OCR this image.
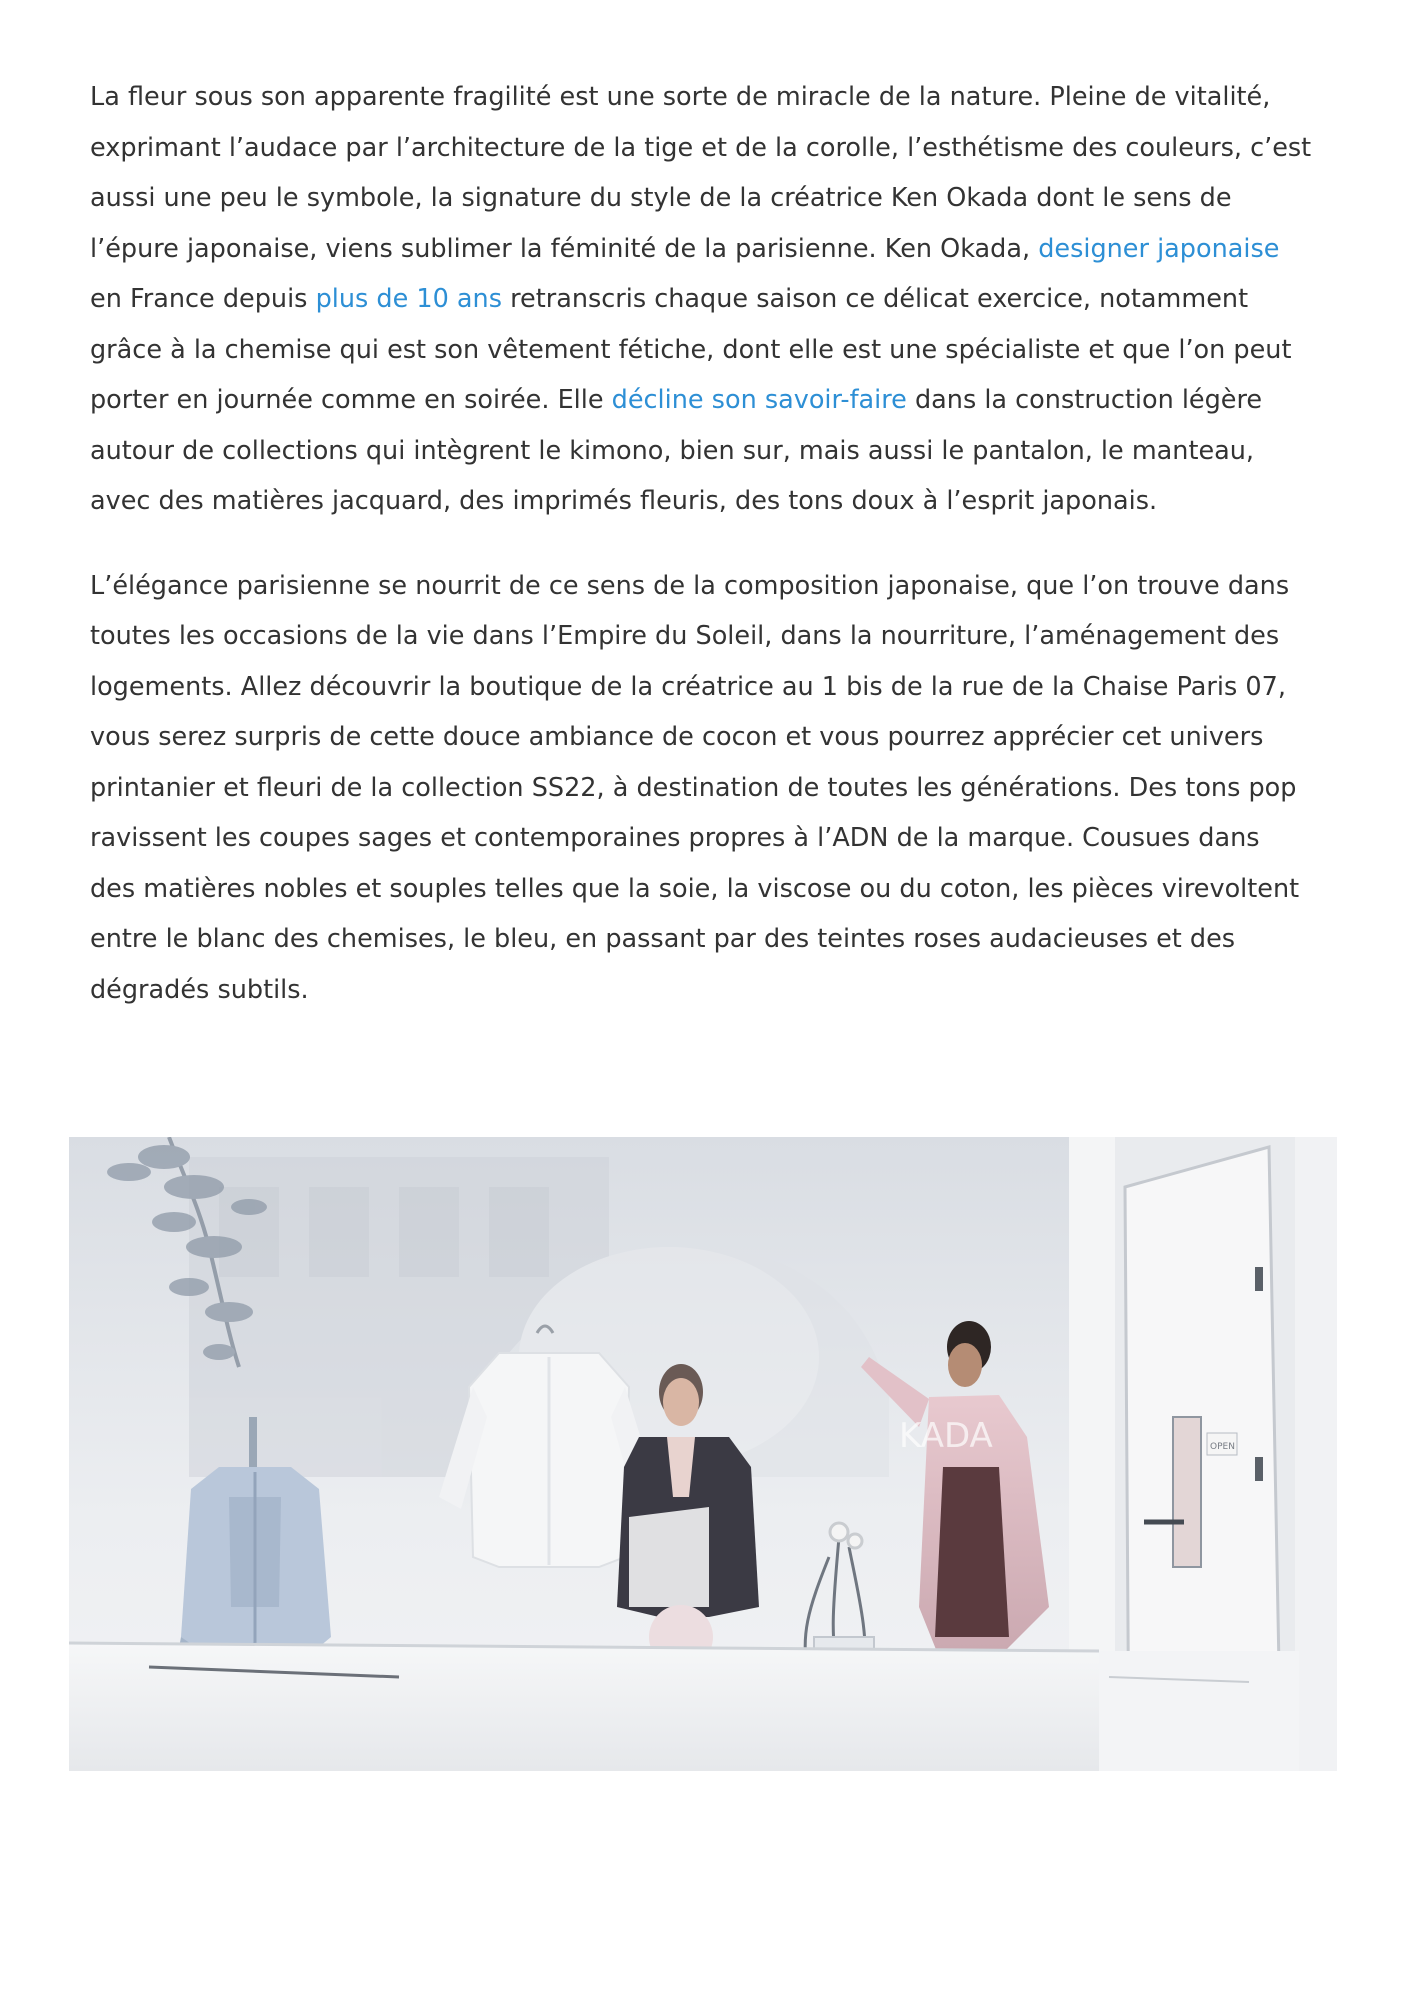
La fleur sous son apparente fragilité est une sorte de miracle de la nature. Pleine de vitalité,
exprimant l’audace par l’architecture de la tige et de la corolle, l’esthétisme des couleurs, c’est
aussi une peu le symbole, la signature du style de la créatrice Ken Okada dont le sens de
l’épure japonaise, viens sublimer la féminité de la parisienne. Ken Okada, designer japonaise
en France depuis plus de 10 ans retranscris chaque saison ce délicat exercice, notamment
grâce à la chemise qui est son vêtement fétiche, dont elle est une spécialiste et que l’on peut
porter en journée comme en soirée. Elle décline son savoir-faire dans la construction légère
autour de collections qui intègrent le kimono, bien sur, mais aussi le pantalon, le manteau,
avec des matières jacquard, des imprimés fleuris, des tons doux à l’esprit japonais.

L’élégance parisienne se nourrit de ce sens de la composition japonaise, que l’on trouve dans
toutes les occasions de la vie dans l’Empire du Soleil, dans la nourriture, l’aménagement des
logements. Allez découvrir la boutique de la créatrice au 1 bis de la rue de la Chaise Paris 07,
vous serez surpris de cette douce ambiance de cocon et vous pourrez apprécier cet univers
printanier et fleuri de la collection SS22, à destination de toutes les générations. Des tons pop
ravissent les coupes sages et contemporaines propres à l’ADN de la marque. Cousues dans
des matières nobles et souples telles que la soie, la viscose ou du coton, les pièces virevoltent
entre le blanc des chemises, le bleu, en passant par des teintes roses audacieuses et des
dégradés subtils.

KADA	OPEN
